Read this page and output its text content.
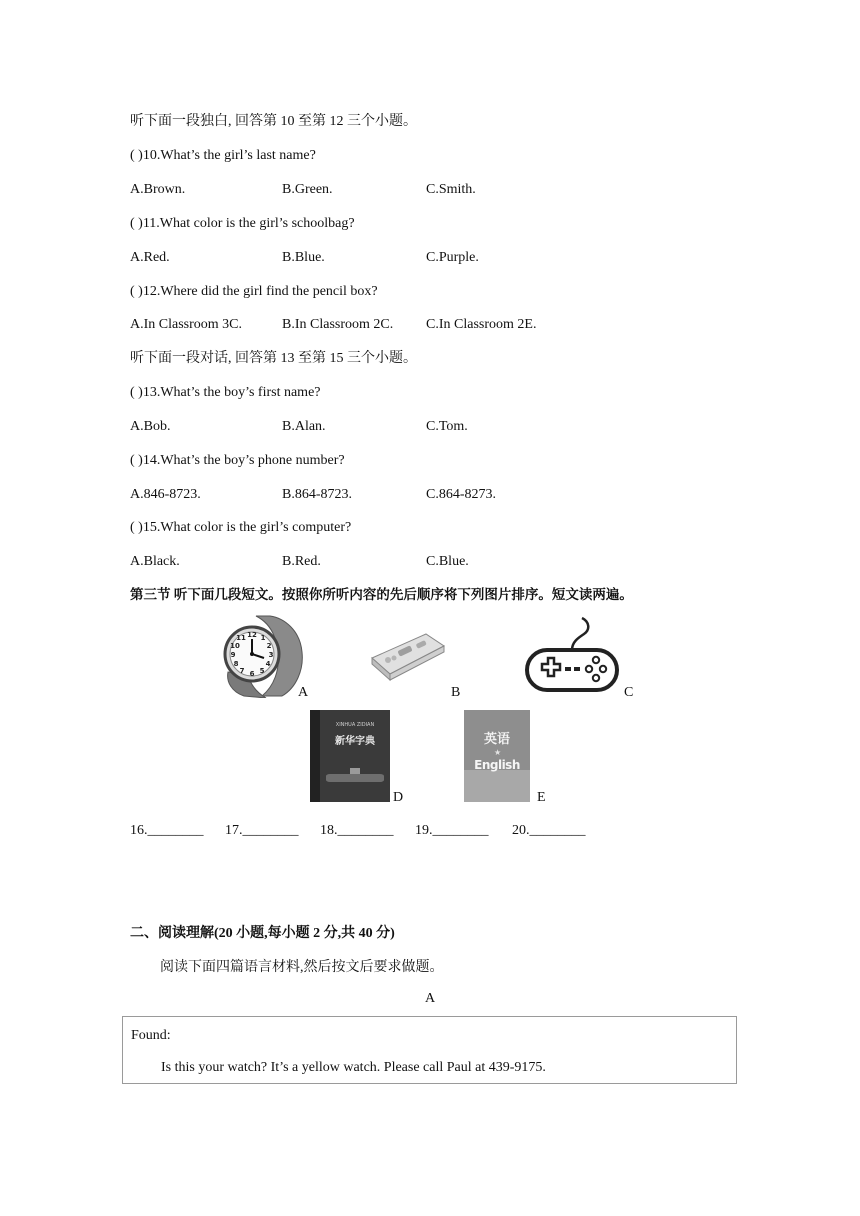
听下面一段独白, 回答第 10 至第 12 三个小题。
( )10.What’s the girl’s last name?
A.Brown.	B.Green.	C.Smith.
( )11.What color is the girl’s schoolbag?
A.Red.	B.Blue.	C.Purple.
( )12.Where did the girl find the pencil box?
A.In Classroom 3C.	B.In Classroom 2C. C.In Classroom 2E.
听下面一段对话, 回答第 13 至第 15 三个小题。
( )13.What’s the boy’s first name?
A.Bob.	B.Alan.	C.Tom.
( )14.What’s the boy’s phone number?
A.846-8723.	B.864-8723.	C.864-8273.
( )15.What color is the girl’s computer?
A.Black.	B.Red.	C.Blue.
第三节 听下面几段短文。按照你所听内容的先后顺序将下列图片排序。短文读两遍。
12 1
2
3
4
5
6
7
8
9
10
11
A	B	C
XINHUA ZIDIAN
新华字典
D
英语
★
English
E
16.________ 17.________ 18.________ 19.________ 20.________
二、阅读理解(20 小题,每小题 2 分,共 40 分)
阅读下面四篇语言材料,然后按文后要求做题。
A
Found:
Is this your watch? It’s a yellow watch. Please call Paul at 439-9175.
